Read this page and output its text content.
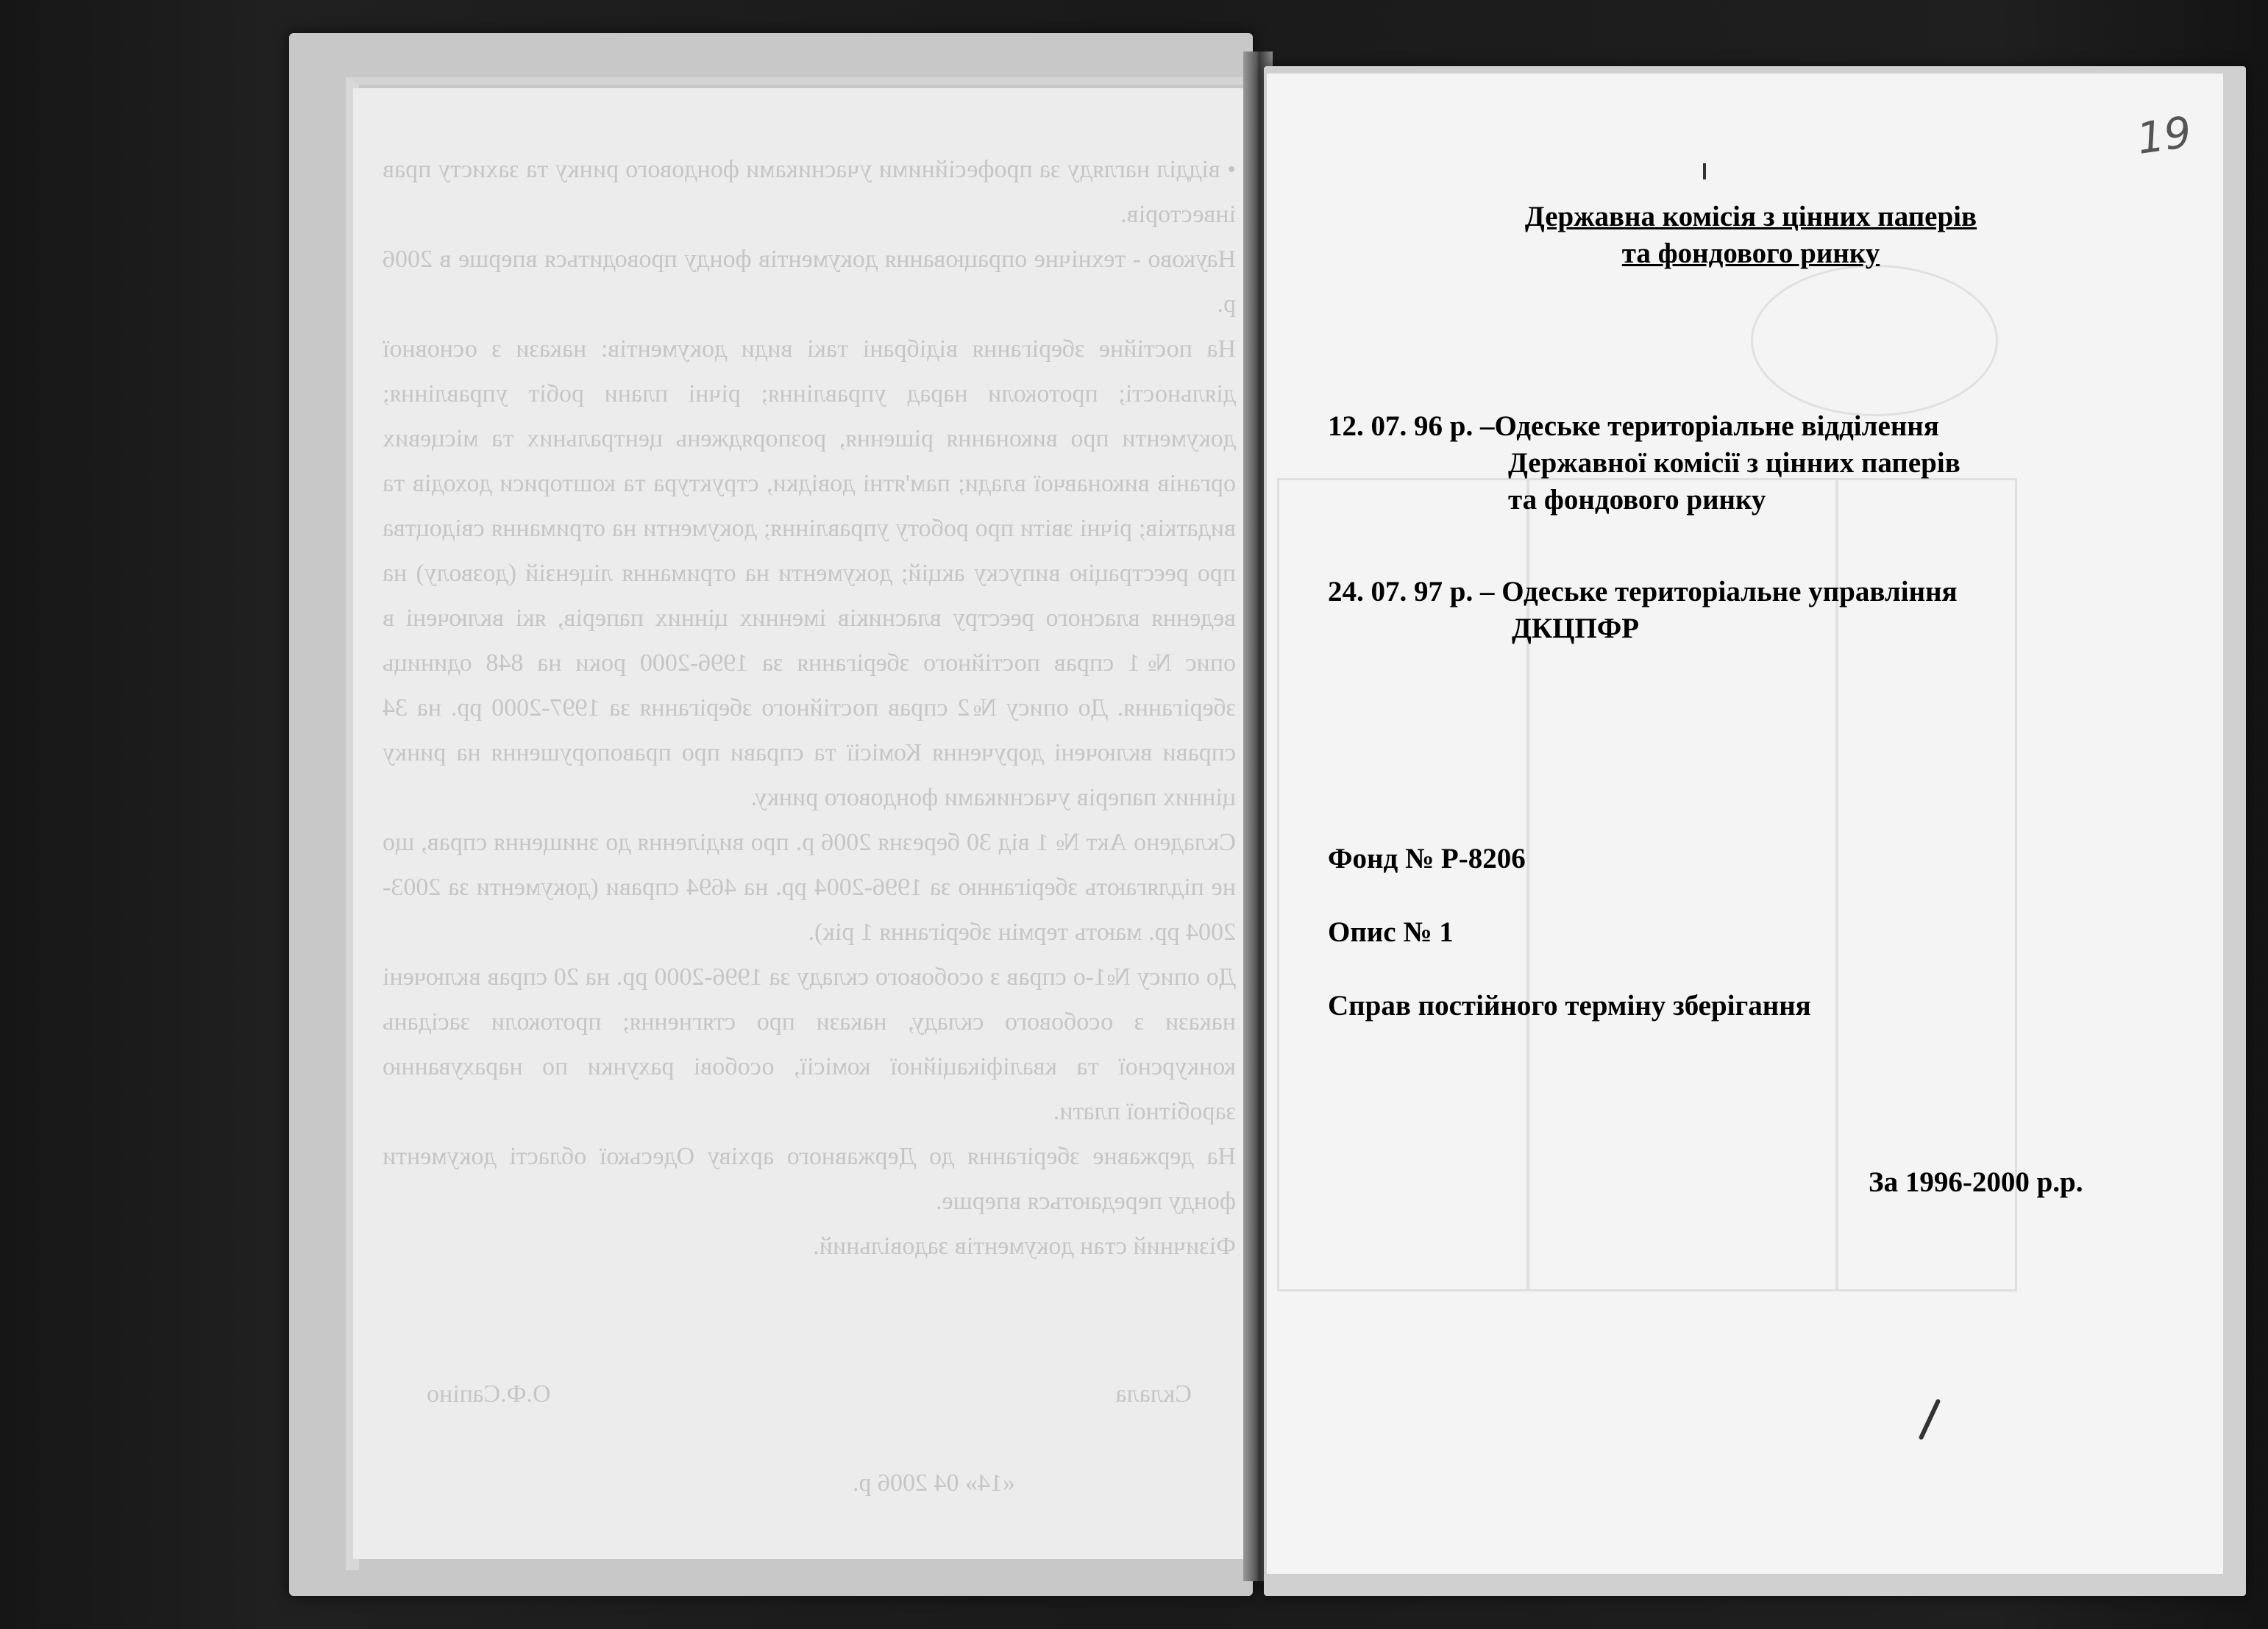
• відділ нагляду за професійними учасниками фондового ринку та захисту прав інвесторів.

Науково - технічне опрацювання документів фонду проводиться вперше в 2006 р.

На постійне зберігання відібрані такі види документів: накази з основної діяльності; протоколи нарад управління; річні плани робіт управління; документи про виконання рішення, розпоряджень центральних та місцевих органів виконавчої влади; пам'ятні довідки, структура та кошториси доходів та видатків; річні звіти про роботу управління; документи на отримання свідоцтва про реєстрацію випуску акцій; документи на отримання ліцензій (дозволу) на ведення власного реєстру власників іменних цінних паперів, які включені в опис №1 справ постійного зберігання за 1996-2000 роки на 848 одиниць зберігання. До опису №2 справ постійного зберігання за 1997-2000 рр. на 34 справи включені доручення Комісії та справи про правопорушення на ринку цінних паперів учасниками фондового ринку.

Складено Акт № 1 від 30 березня 2006 р. про виділення до знищення справ, що не підлягають зберіганню за 1996-2004 рр. на 4694 справи (документи за 2003-2004 рр. мають термін зберігання 1 рік).

До опису №1-о справ з особового складу за 1996-2000 рр. на 20 справ включені накази з особового складу, накази про стягнення; протоколи засідань конкурсної та кваліфікаційної комісії, особові рахунки по нарахуванню заробітної плати.

На державне зберігання до Державного архіву Одеської області документи фонду передаються вперше.

Фізичний стан документів задовільний.

Склала
О.Ф.Сапіно
«14» 04 2006 р.
19
Державна комісія з цінних паперів
та фондового ринку
12. 07. 96 р. –Одеське територіальне відділення
Державної комісії з цінних паперів
та фондового ринку
24. 07. 97 р. – Одеське територіальне управління
ДКЦПФР
Фонд № Р-8206
Опис № 1
Справ постійного терміну зберігання
За 1996-2000 р.р.
